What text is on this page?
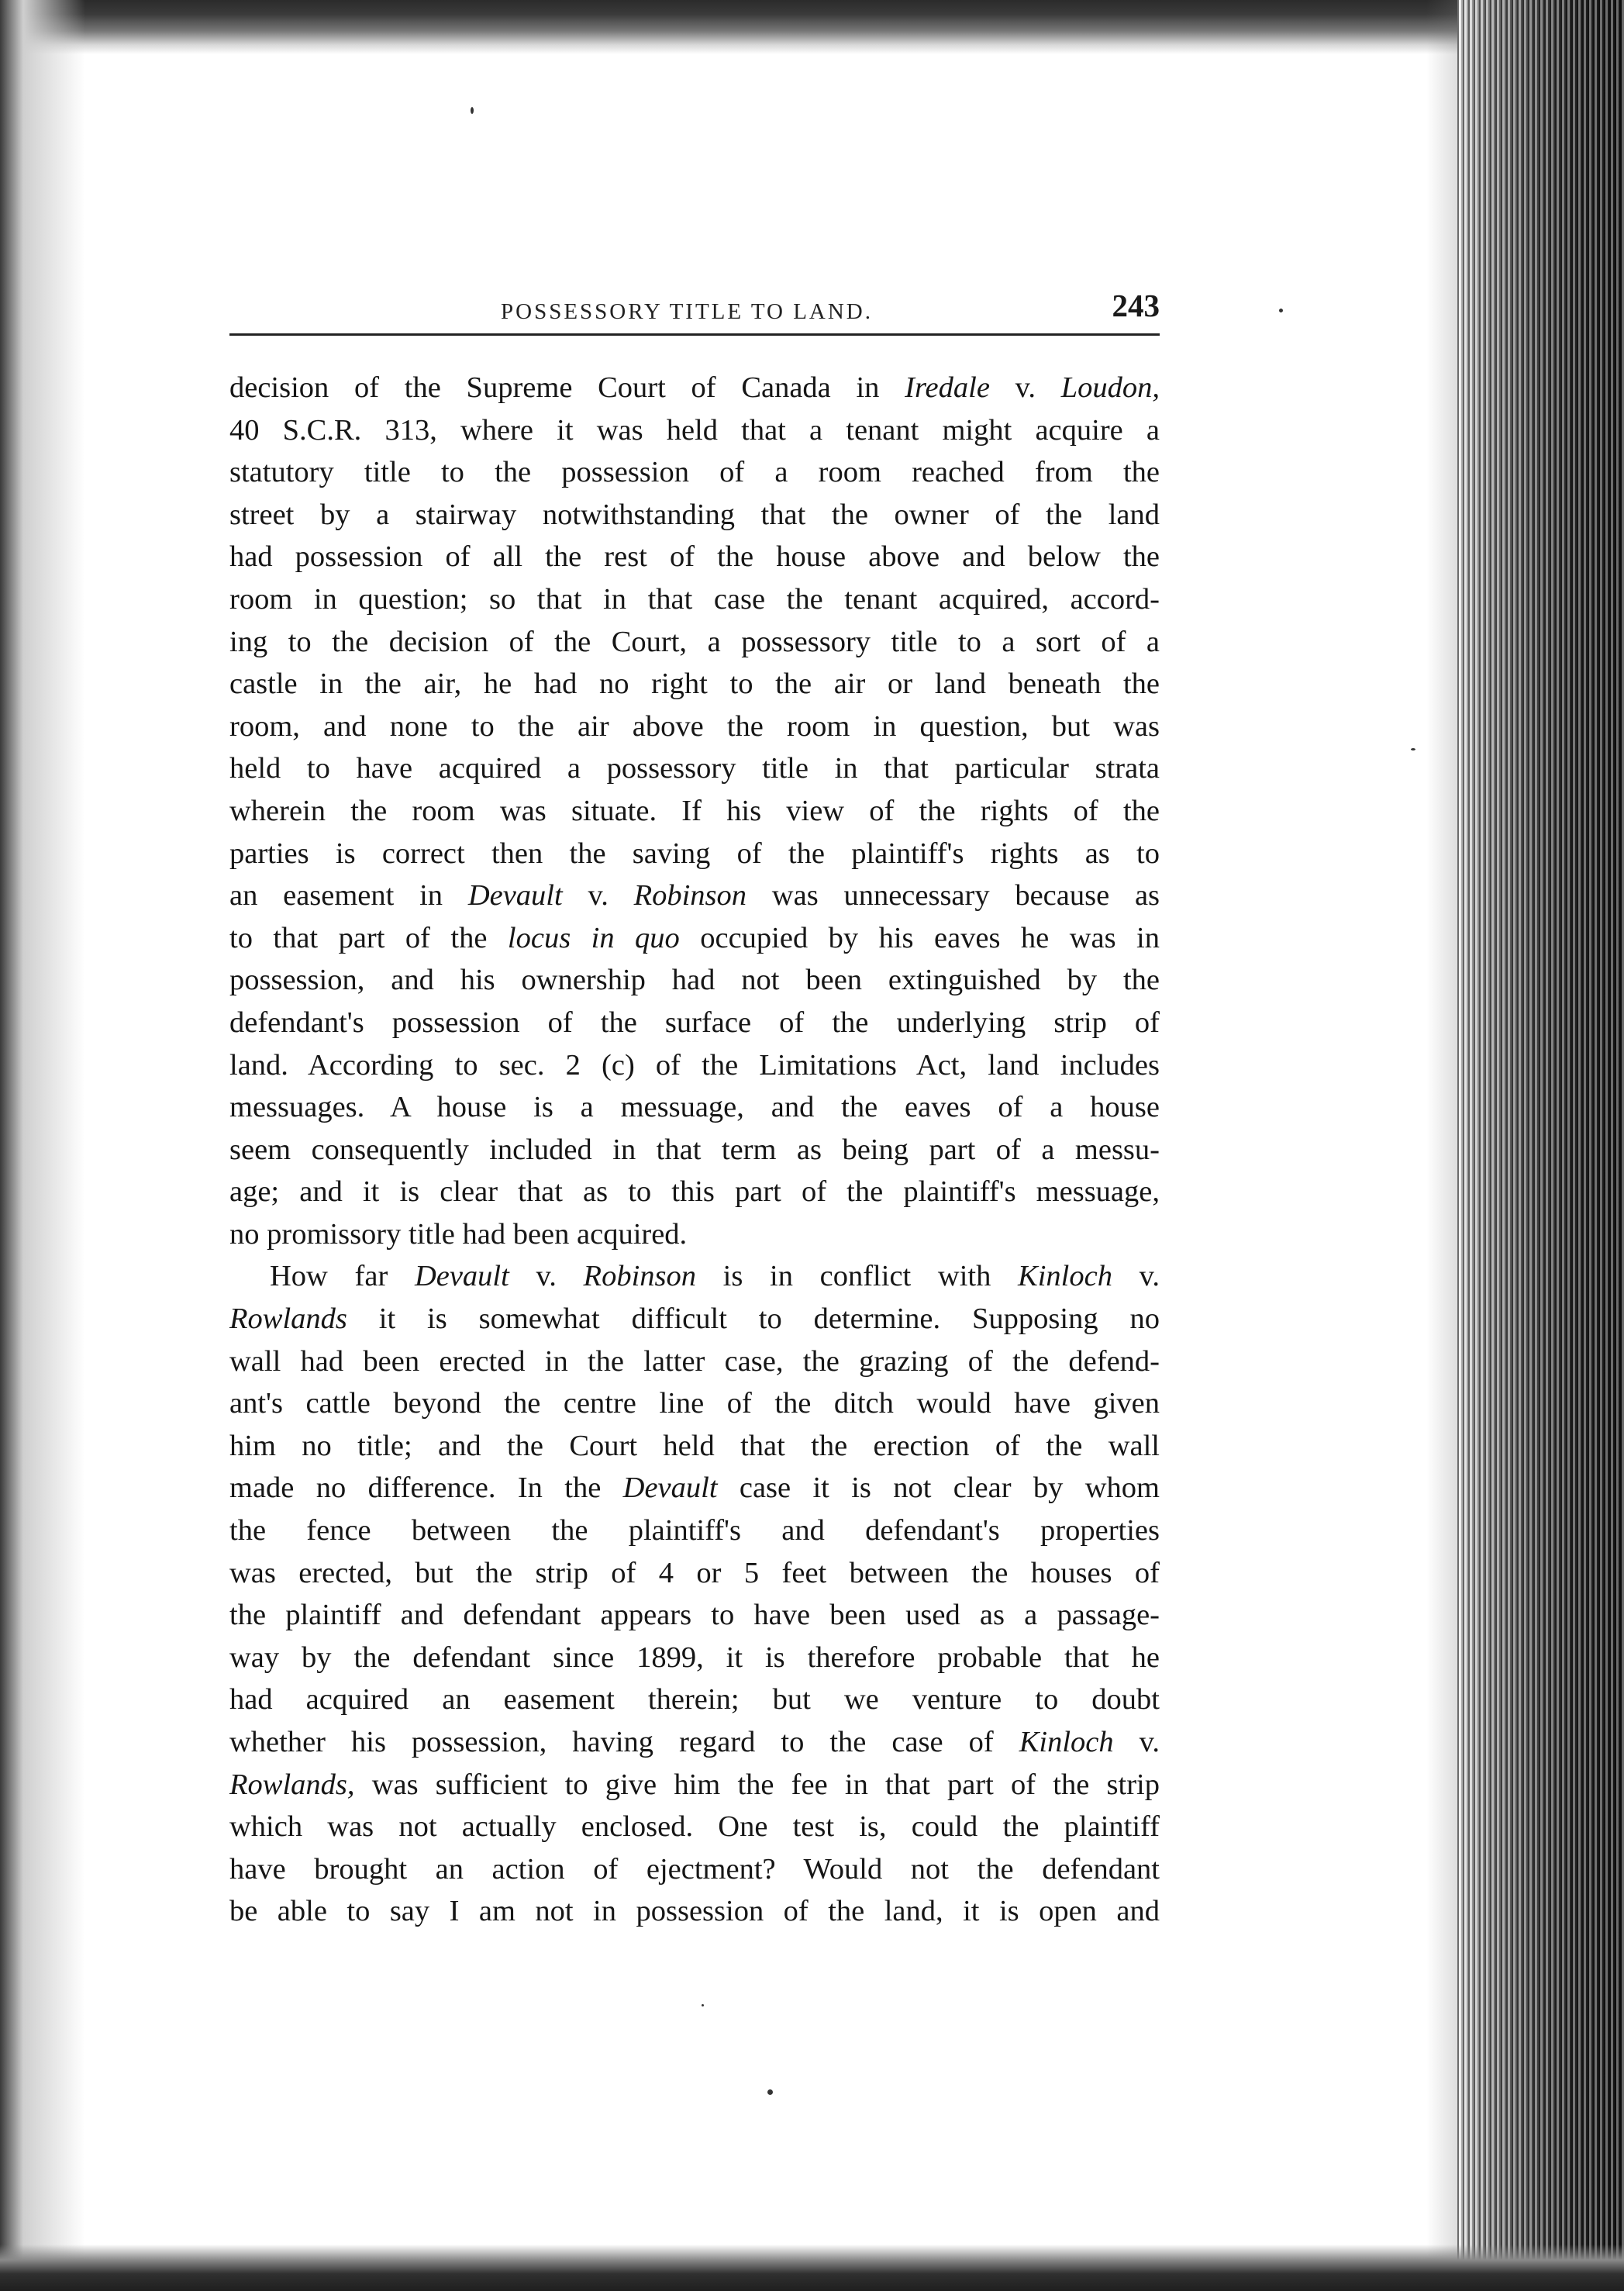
POSSESSORY TITLE TO LAND.	243
decision of the Supreme Court of Canada in Iredale v. Loudon,
40 S.C.R. 313, where it was held that a tenant might acquire a
statutory title to the possession of a room reached from the
street by a stairway notwithstanding that the owner of the land
had possession of all the rest of the house above and below the
room in question; so that in that case the tenant acquired, accord-
ing to the decision of the Court, a possessory title to a sort of a
castle in the air, he had no right to the air or land beneath the
room, and none to the air above the room in question, but was
held to have acquired a possessory title in that particular strata
wherein the room was situate. If his view of the rights of the
parties is correct then the saving of the plaintiff's rights as to
an easement in Devault v. Robinson was unnecessary because as
to that part of the locus in quo occupied by his eaves he was in
possession, and his ownership had not been extinguished by the
defendant's possession of the surface of the underlying strip of
land. According to sec. 2 (c) of the Limitations Act, land includes
messuages. A house is a messuage, and the eaves of a house
seem consequently included in that term as being part of a messu-
age; and it is clear that as to this part of the plaintiff's messuage,
no promissory title had been acquired.
How far Devault v. Robinson is in conflict with Kinloch v.
Rowlands it is somewhat difficult to determine. Supposing no
wall had been erected in the latter case, the grazing of the defend-
ant's cattle beyond the centre line of the ditch would have given
him no title; and the Court held that the erection of the wall
made no difference. In the Devault case it is not clear by whom
the fence between the plaintiff's and defendant's properties
was erected, but the strip of 4 or 5 feet between the houses of
the plaintiff and defendant appears to have been used as a passage-
way by the defendant since 1899, it is therefore probable that he
had acquired an easement therein; but we venture to doubt
whether his possession, having regard to the case of Kinloch v.
Rowlands, was sufficient to give him the fee in that part of the strip
which was not actually enclosed. One test is, could the plaintiff
have brought an action of ejectment? Would not the defendant
be able to say I am not in possession of the land, it is open and
